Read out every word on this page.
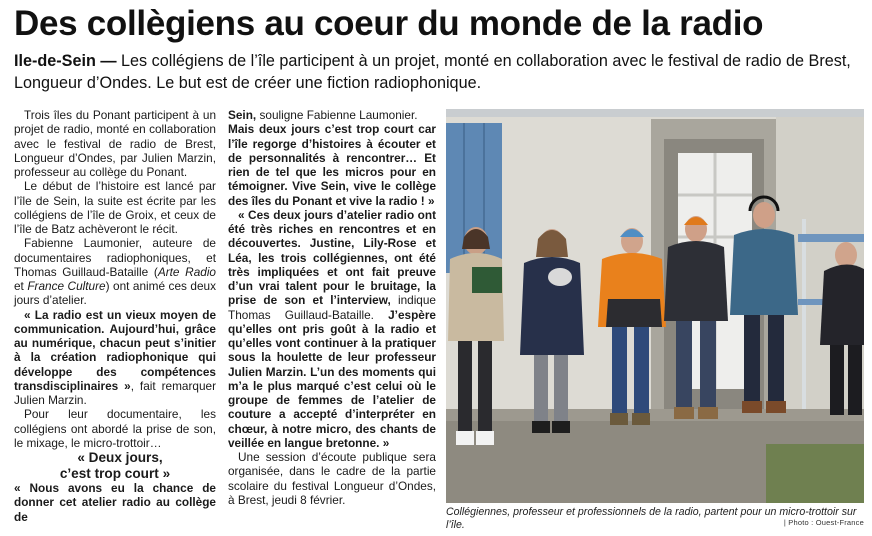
Des collègiens au coeur du monde de la radio
Ile-de-Sein — Les collégiens de l’île participent à un projet, monté en collaboration avec le festival de radio de Brest, Longueur d’Ondes. Le but est de créer une fiction radiophonique.

Trois îles du Ponant participent à un projet de radio, monté en collaboration avec le festival de radio de Brest, Longueur d’Ondes, par Julien Marzin, professeur au collège du Ponant.

Le début de l’histoire est lancé par l’île de Sein, la suite est écrite par les collégiens de l’île de Groix, et ceux de l’île de Batz achèveront le récit.

Fabienne Laumonier, auteure de documentaires radiophoniques, et Thomas Guillaud-Bataille (Arte Radio et France Culture) ont animé ces deux jours d’atelier.

« La radio est un vieux moyen de communication. Aujourd’hui, grâce au numérique, chacun peut s’initier à la création radiophonique qui développe des compétences transdisciplinaires », fait remarquer Julien Marzin.

Pour leur documentaire, les collégiens ont abordé la prise de son, le mixage, le micro-trottoir…

« Deux jours,
c’est trop court »

« Nous avons eu la chance de donner cet atelier radio au collège de

Sein, souligne Fabienne Laumonier.

Mais deux jours c’est trop court car l’île regorge d’histoires à écouter et de personnalités à rencontrer… Et rien de tel que les micros pour en témoigner. Vive Sein, vive le collège des îles du Ponant et vive la radio ! »

« Ces deux jours d’atelier radio ont été très riches en rencontres et en découvertes. Justine, Lily-Rose et Léa, les trois collégiennes, ont été très impliquées et ont fait preuve d’un vrai talent pour le bruitage, la prise de son et l’interview, indique Thomas Guillaud-Bataille. J’espère qu’elles ont pris goût à la radio et qu’elles vont continuer à la pratiquer sous la houlette de leur professeur Julien Marzin. L’un des moments qui m’a le plus marqué c’est celui où le groupe de femmes de l’atelier de couture a accepté d’interpréter en chœur, à notre micro, des chants de veillée en langue bretonne. »

Une session d’écoute publique sera organisée, dans le cadre de la partie scolaire du festival Longueur d’Ondes, à Brest, jeudi 8 février.

Collégiennes, professeur et professionnels de la radio, partent pour un micro-trottoir sur l’île.	| Photo : Ouest-France
